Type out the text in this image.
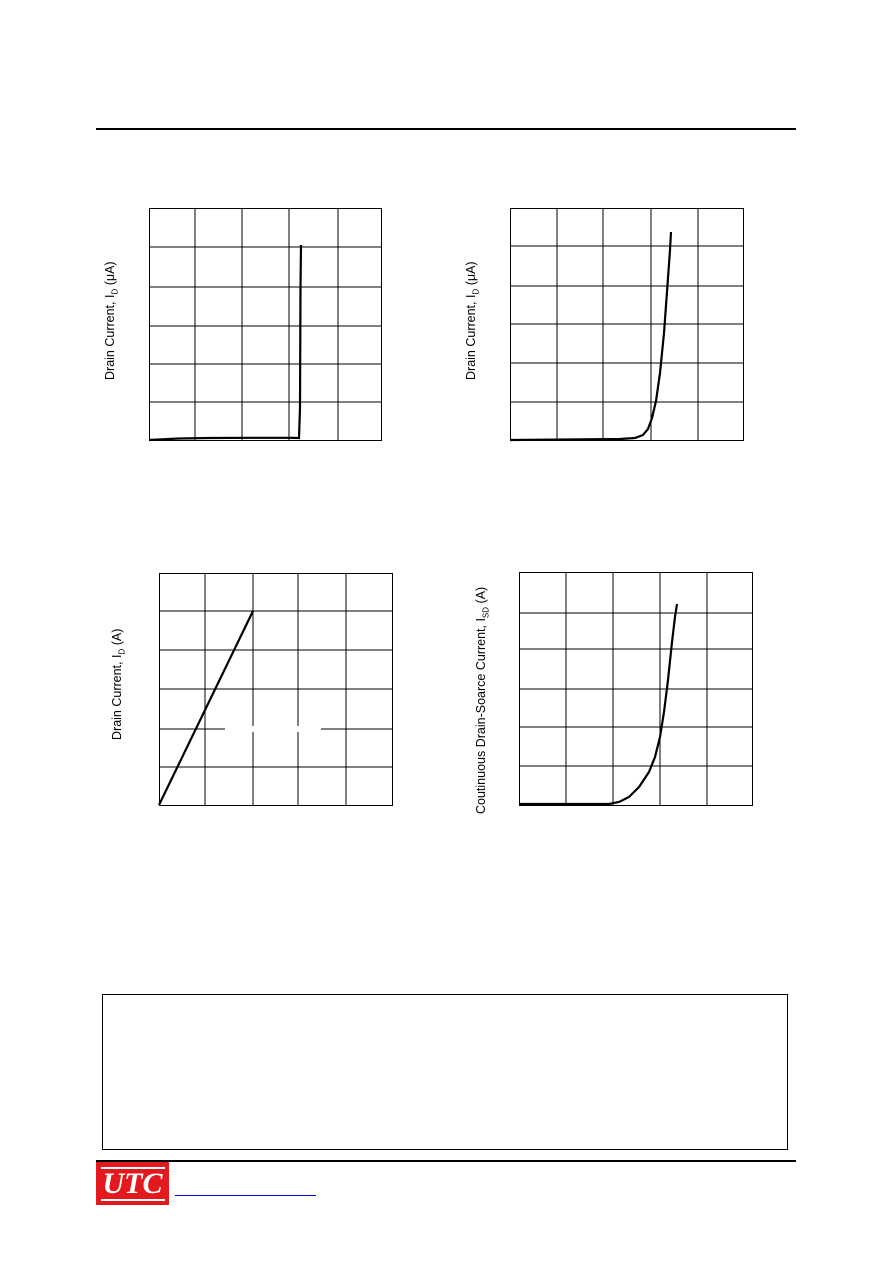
Drain Current, $I_D$ (μA)
Drain Current, $I_D$ (μA)
Drain Current, $I_D$ (A)	Coutinuous Drain-Soarce Current, $I_{SD}$ (A)
UTC
